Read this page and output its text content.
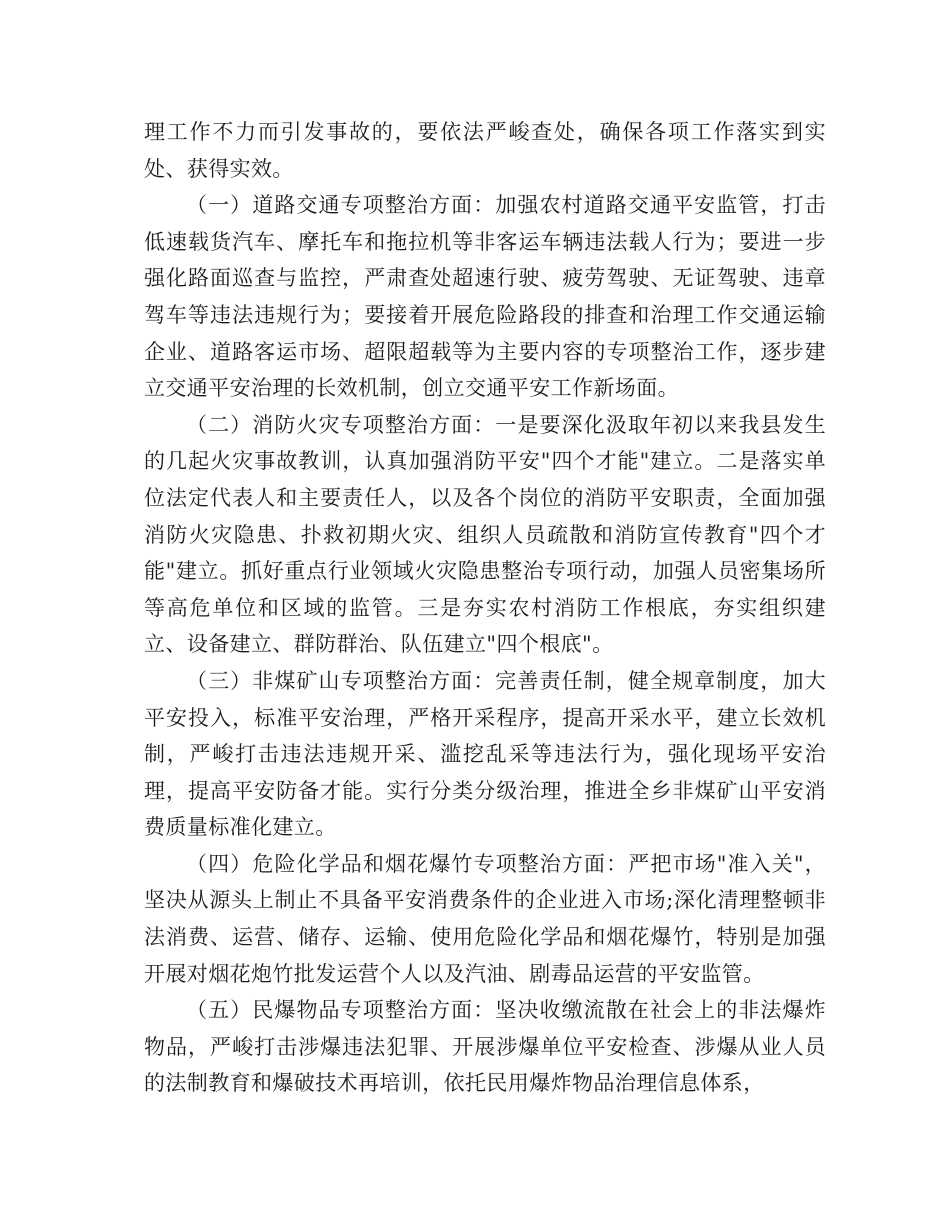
理工作不力而引发事故的，要依法严峻查处，确保各项工作落实到实处、获得实效。

（一）道路交通专项整治方面：加强农村道路交通平安监管，打击低速载货汽车、摩托车和拖拉机等非客运车辆违法载人行为；要进一步强化路面巡查与监控，严肃查处超速行驶、疲劳驾驶、无证驾驶、违章驾车等违法违规行为；要接着开展危险路段的排查和治理工作交通运输企业、道路客运市场、超限超载等为主要内容的专项整治工作，逐步建立交通平安治理的长效机制，创立交通平安工作新场面。

（二）消防火灾专项整治方面：一是要深化汲取年初以来我县发生的几起火灾事故教训，认真加强消防平安"四个才能"建立。二是落实单位法定代表人和主要责任人，以及各个岗位的消防平安职责，全面加强消防火灾隐患、扑救初期火灾、组织人员疏散和消防宣传教育"四个才能"建立。抓好重点行业领域火灾隐患整治专项行动，加强人员密集场所等高危单位和区域的监管。三是夯实农村消防工作根底，夯实组织建立、设备建立、群防群治、队伍建立"四个根底"。

（三）非煤矿山专项整治方面：完善责任制，健全规章制度，加大平安投入，标准平安治理，严格开采程序，提高开采水平，建立长效机制，严峻打击违法违规开采、滥挖乱采等违法行为，强化现场平安治理，提高平安防备才能。实行分类分级治理，推进全乡非煤矿山平安消费质量标准化建立。

（四）危险化学品和烟花爆竹专项整治方面：严把市场"准入关"，坚决从源头上制止不具备平安消费条件的企业进入市场;深化清理整顿非法消费、运营、储存、运输、使用危险化学品和烟花爆竹，特别是加强开展对烟花炮竹批发运营个人以及汽油、剧毒品运营的平安监管。

（五）民爆物品专项整治方面：坚决收缴流散在社会上的非法爆炸物品，严峻打击涉爆违法犯罪、开展涉爆单位平安检查、涉爆从业人员的法制教育和爆破技术再培训，依托民用爆炸物品治理信息体系，
